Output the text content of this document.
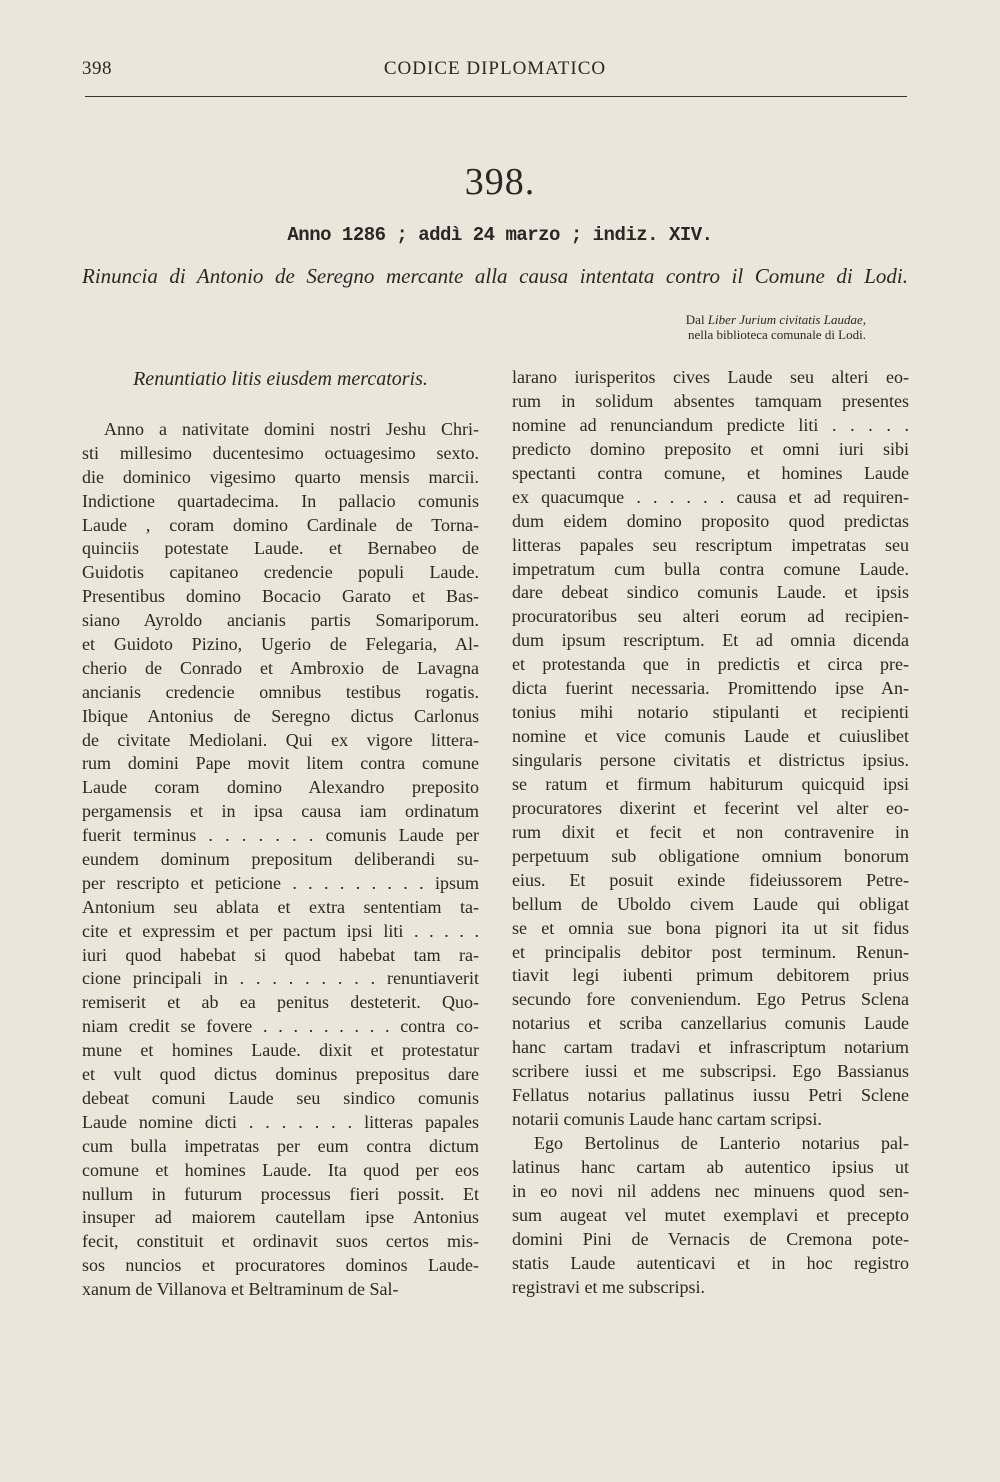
398	CODICE DIPLOMATICO
398.
Anno 1286 ; addì 24 marzo ; indiz. XIV.
Rinuncia di Antonio de Seregno mercante alla causa intentata contro il Comune di Lodi.
Dal Liber Jurium civitatis Laudae,
nella biblioteca comunale di Lodi.
Renuntiatio litis eiusdem mercatoris.
Anno a nativitate domini nostri Jeshu Chri-
sti millesimo ducentesimo octuagesimo sexto.
die dominico vigesimo quarto mensis marcii.
Indictione quartadecima. In pallacio comunis
Laude , coram domino Cardinale de Torna-
quinciis potestate Laude. et Bernabeo de
Guidotis capitaneo credencie populi Laude.
Presentibus domino Bocacio Garato et Bas-
siano Ayroldo ancianis partis Somariporum.
et Guidoto Pizino, Ugerio de Felegaria, Al-
cherio de Conrado et Ambroxio de Lavagna
ancianis credencie omnibus testibus rogatis.
Ibique Antonius de Seregno dictus Carlonus
de civitate Mediolani. Qui ex vigore littera-
rum domini Pape movit litem contra comune
Laude coram domino Alexandro preposito
pergamensis et in ipsa causa iam ordinatum
fuerit terminus . . . . . . . comunis Laude per
eundem dominum prepositum deliberandi su-
per rescripto et peticione . . . . . . . . . ipsum
Antonium seu ablata et extra sententiam ta-
cite et expressim et per pactum ipsi liti . . . . .
iuri quod habebat si quod habebat tam ra-
cione principali in . . . . . . . . . renuntiaverit
remiserit et ab ea penitus desteterit. Quo-
niam credit se fovere . . . . . . . . . contra co-
mune et homines Laude. dixit et protestatur
et vult quod dictus dominus prepositus dare
debeat comuni Laude seu sindico comunis
Laude nomine dicti . . . . . . . litteras papales
cum bulla impetratas per eum contra dictum
comune et homines Laude. Ita quod per eos
nullum in futurum processus fieri possit. Et
insuper ad maiorem cautellam ipse Antonius
fecit, constituit et ordinavit suos certos mis-
sos nuncios et procuratores dominos Laude-
xanum de Villanova et Beltraminum de Sal-
larano iurisperitos cives Laude seu alteri eo-
rum in solidum absentes tamquam presentes
nomine ad renunciandum predicte liti . . . . .
predicto domino preposito et omni iuri sibi
spectanti contra comune, et homines Laude
ex quacumque . . . . . . causa et ad requiren-
dum eidem domino proposito quod predictas
litteras papales seu rescriptum impetratas seu
impetratum cum bulla contra comune Laude.
dare debeat sindico comunis Laude. et ipsis
procuratoribus seu alteri eorum ad recipien-
dum ipsum rescriptum. Et ad omnia dicenda
et protestanda que in predictis et circa pre-
dicta fuerint necessaria. Promittendo ipse An-
tonius mihi notario stipulanti et recipienti
nomine et vice comunis Laude et cuiuslibet
singularis persone civitatis et districtus ipsius.
se ratum et firmum habiturum quicquid ipsi
procuratores dixerint et fecerint vel alter eo-
rum dixit et fecit et non contravenire in
perpetuum sub obligatione omnium bonorum
eius. Et posuit exinde fideiussorem Petre-
bellum de Uboldo civem Laude qui obligat
se et omnia sue bona pignori ita ut sit fidus
et principalis debitor post terminum. Renun-
tiavit legi iubenti primum debitorem prius
secundo fore conveniendum. Ego Petrus Sclena
notarius et scriba canzellarius comunis Laude
hanc cartam tradavi et infrascriptum notarium
scribere iussi et me subscripsi. Ego Bassianus
Fellatus notarius pallatinus iussu Petri Sclene
notarii comunis Laude hanc cartam scripsi.
Ego Bertolinus de Lanterio notarius pal-
latinus hanc cartam ab autentico ipsius ut
in eo novi nil addens nec minuens quod sen-
sum augeat vel mutet exemplavi et precepto
domini Pini de Vernacis de Cremona pote-
statis Laude autenticavi et in hoc registro
registravi et me subscripsi.
